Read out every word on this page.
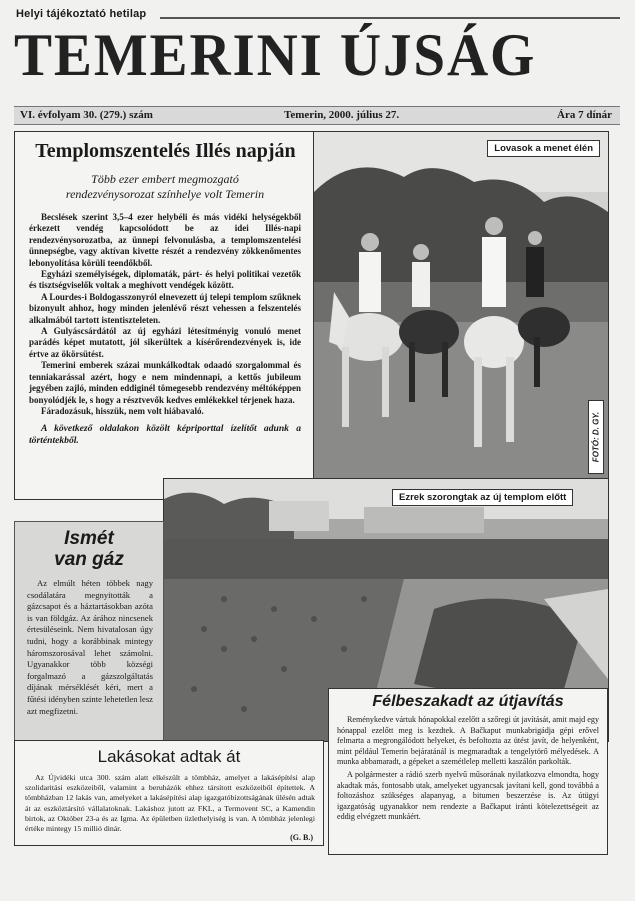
Helyi tájékoztató hetilap
TEMERINI ÚJSÁG
VI. évfolyam 30. (279.) szám	Temerin, 2000. július 27.	Ára 7 dínár
Templomszentelés Illés napján
Több ezer embert megmozgató rendezvénysorozat színhelye volt Temerin

Becslések szerint 3,5–4 ezer helybéli és más vidéki helységekből érkezett vendég kapcsolódott be az idei Illés-napi rendezvénysorozatba, az ünnepi felvonulásba, a templomszentelési ünnepségbe, vagy aktívan kivette részét a rendezvény zökkenőmentes lebonyolítása körüli teendőkből.

Egyházi személyiségek, diplomaták, párt- és helyi politikai vezetők és tisztségviselők voltak a meghívott vendégek között.

A Lourdes-i Boldogasszonyról elnevezett új telepi templom szűknek bizonyult ahhoz, hogy minden jelenlévő részt vehessen a felszentelés alkalmából tartott istentiszteleten.

A Gulyáscsárdától az új egyházi létesítményig vonuló menet parádés képet mutatott, jól sikerültek a kísérőrendezvények is, ide értve az ökörsütést.

Temerini emberek százai munkálkodtak odaadó szorgalommal és tenniakarással azért, hogy e nem mindennapi, a kettős jubileum jegyében zajló, minden eddiginél tömegesebb rendezvény méltóképpen bonyolódjék le, s hogy a résztvevők kedves emlékekkel térjenek haza.

Fáradozásuk, hisszük, nem volt hiábavaló.

A következő oldalakon közölt képriporttal ízelítőt adunk a történtekből.

Lovasok a menet élén
FOTÓ: D. GY.
Ezrek szorongtak az új templom előtt
Ismét
van gáz
Az elmúlt héten többek nagy csodálatára megnyitották a gázcsapot és a háztartásokban azóta is van földgáz. Az árához nincsenek értesüléseink. Nem hivatalosan úgy tudni, hogy a korábbinak mintegy háromszorosával lehet számolni. Ugyanakkor több községi forgalmazó a gázszolgáltatás díjának mérséklését kéri, mert a fűtési idényben szinte lehetetlen lesz azt megfizetni.
Félbeszakadt az útjavítás

Reménykedve vártuk hónapokkal ezelőtt a szőregi út javítását, amit majd egy hónappal ezelőtt meg is kezdtek. A Bačkaput munkabrigádja gépi erővel felmarta a megrongálódott helyeket, és befoltozta az ütést javít, de helyenként, mint például Temerin bejáratánál is megmaradtak a tengelytörő mélyedések. A munka abbamaradt, a gépeket a szemétlelep melletti kaszálón parkolták.

A polgármester a rádió szerb nyelvű műsorának nyilatkozva elmondta, hogy akadtak más, fontosabb utak, amelyeket ugyancsak javítani kell, gond továbbá a foltozáshoz szükséges alapanyag, a bitumen beszerzése is. Az útügyi igazgatóság ugyanakkor nem rendezte a Bačkaput iránti kötelezettségeit az eddig elvégzett munkáért.

Lakásokat adtak át
Az Újvidéki utca 300. szám alatt elkészült a tömbház, amelyet a lakásépítési alap szolidaritási eszközeiből, valamint a beruházók ehhez társított eszközeiből építettek. A tömbházban 12 lakás van, amelyeket a lakásépítési alap igazgatóbizottságának ülésén adtak át az eszköztársító vállalatoknak. Lakáshoz jutott az FKL, a Termovent SC, a Kamendin birtok, az Október 23-a és az Igma. Az épületben üzlethelyiség is van. A tömbház jelenlegi értéke mintegy 15 millió dinár.
(G. B.)
